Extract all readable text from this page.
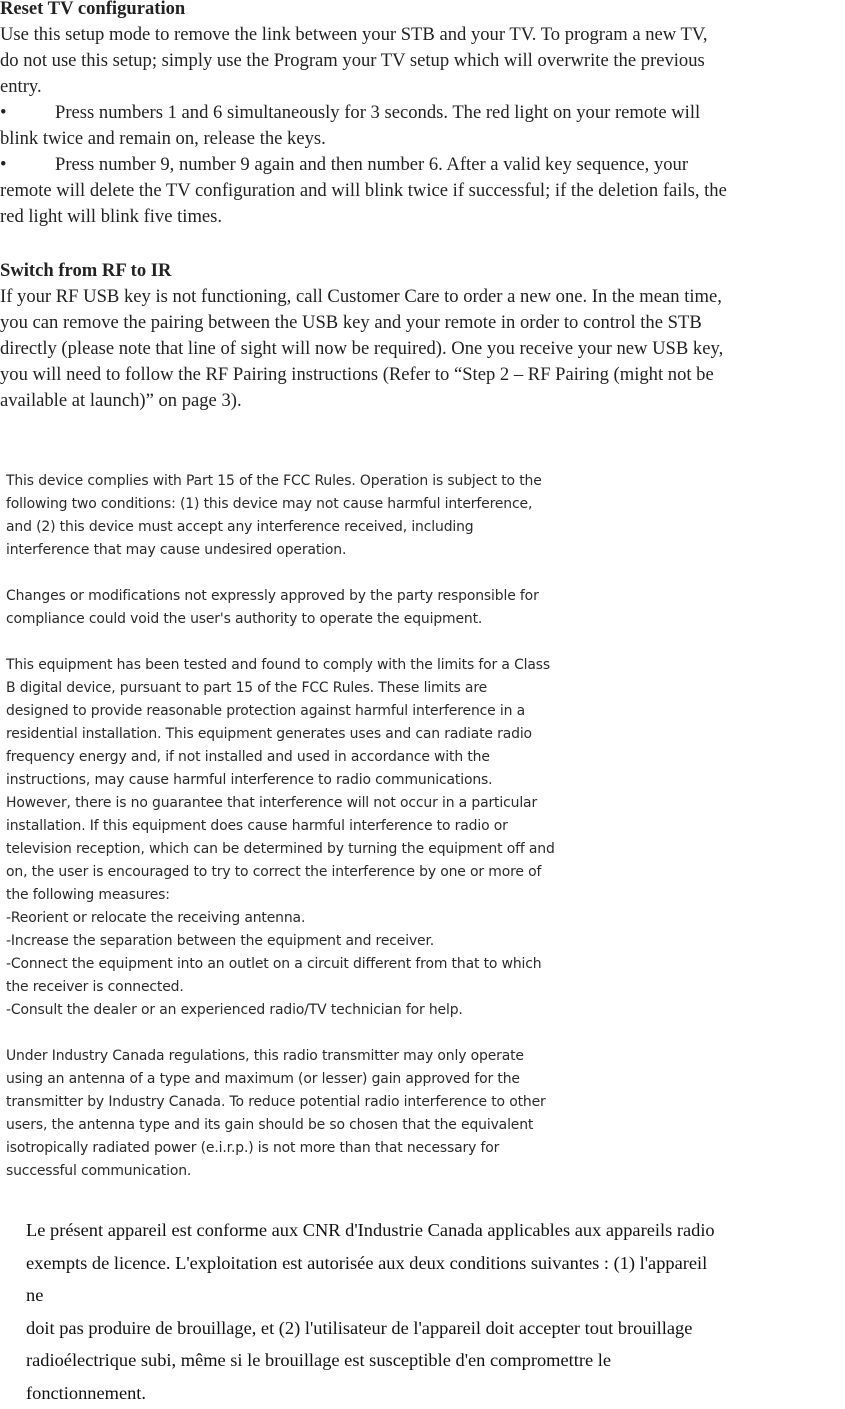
Reset TV configuration

Use this setup mode to remove the link between your STB and your TV. To program a new TV,

do not use this setup; simply use the Program your TV setup which will overwrite the previous

entry.

•	Press numbers 1 and 6 simultaneously for 3 seconds. The red light on your remote will

blink twice and remain on, release the keys.

•	Press number 9, number 9 again and then number 6. After a valid key sequence, your

remote will delete the TV configuration and will blink twice if successful; if the deletion fails, the

red light will blink five times.

Switch from RF to IR

If your RF USB key is not functioning, call Customer Care to order a new one. In the mean time,

you can remove the pairing between the USB key and your remote in order to control the STB

directly (please note that line of sight will now be required). One you receive your new USB key,

you will need to follow the RF Pairing instructions (Refer to “Step 2 – RF Pairing (might not be

available at launch)” on page 3).

This device complies with Part 15 of the FCC Rules. Operation is subject to the

following two conditions: (1) this device may not cause harmful interference,

and (2) this device must accept any interference received, including

interference that may cause undesired operation.

Changes or modifications not expressly approved by the party responsible for

compliance could void the user's authority to operate the equipment.

This equipment has been tested and found to comply with the limits for a Class

B digital device, pursuant to part 15 of the FCC Rules. These limits are

designed to provide reasonable protection against harmful interference in a

residential installation. This equipment generates uses and can radiate radio

frequency energy and, if not installed and used in accordance with the

instructions, may cause harmful interference to radio communications.

However, there is no guarantee that interference will not occur in a particular

installation. If this equipment does cause harmful interference to radio or

television reception, which can be determined by turning the equipment off and

on, the user is encouraged to try to correct the interference by one or more of

the following measures:

-Reorient or relocate the receiving antenna.

-Increase the separation between the equipment and receiver.

-Connect the equipment into an outlet on a circuit different from that to which

the receiver is connected.

-Consult the dealer or an experienced radio/TV technician for help.

Under Industry Canada regulations, this radio transmitter may only operate

using an antenna of a type and maximum (or lesser) gain approved for the

transmitter by Industry Canada. To reduce potential radio interference to other

users, the antenna type and its gain should be so chosen that the equivalent

isotropically radiated power (e.i.r.p.) is not more than that necessary for

successful communication.

Le présent appareil est conforme aux CNR d'Industrie Canada applicables aux appareils radio

exempts de licence. L'exploitation est autorisée aux deux conditions suivantes : (1) l'appareil

ne

doit pas produire de brouillage, et (2) l'utilisateur de l'appareil doit accepter tout brouillage

radioélectrique subi, même si le brouillage est susceptible d'en compromettre le

fonctionnement.
